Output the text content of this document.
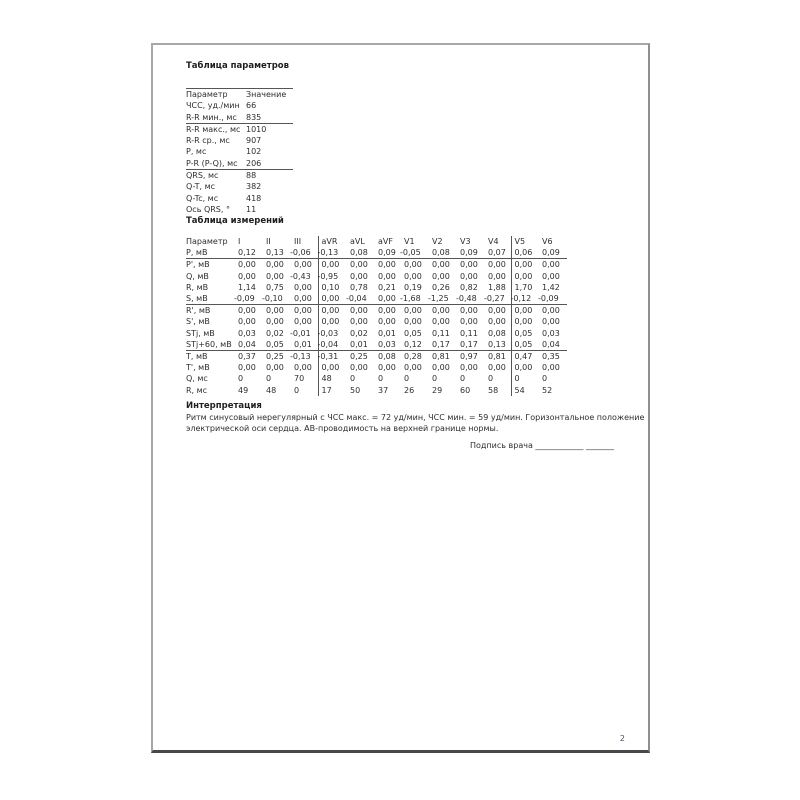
Таблица параметров
Параметр	Значение
ЧСС, уд./мин	66
R-R мин., мс	835
R-R макс., мс	1010
R-R ср., мс	907
P, мс	102
P-R (P-Q), мс	206
QRS, мс	88
Q-T, мс	382
Q-Tc, мс	418
Ось QRS, °	11
Таблица измерений
Параметр	I	II	III	aVR	aVL	aVF	V1	V2	V3	V4	V5	V6
P, мВ	0,12	0,13	-0,06	-0,13	0,08	0,09	-0,05	0,08	0,09	0,07	0,06	0,09
P', мВ	0,00	0,00	0,00	0,00	0,00	0,00	0,00	0,00	0,00	0,00	0,00	0,00
Q, мВ	0,00	0,00	-0,43	-0,95	0,00	0,00	0,00	0,00	0,00	0,00	0,00	0,00
R, мВ	1,14	0,75	0,00	0,10	0,78	0,21	0,19	0,26	0,82	1,88	1,70	1,42
S, мВ	-0,09	-0,10	0,00	0,00	-0,04	0,00	-1,68	-1,25	-0,48	-0,27	-0,12	-0,09
R', мВ	0,00	0,00	0,00	0,00	0,00	0,00	0,00	0,00	0,00	0,00	0,00	0,00
S', мВ	0,00	0,00	0,00	0,00	0,00	0,00	0,00	0,00	0,00	0,00	0,00	0,00
STj, мВ	0,03	0,02	-0,01	-0,03	0,02	0,01	0,05	0,11	0,11	0,08	0,05	0,03
STj+60, мВ	0,04	0,05	0,01	-0,04	0,01	0,03	0,12	0,17	0,17	0,13	0,05	0,04
T, мВ	0,37	0,25	-0,13	-0,31	0,25	0,08	0,28	0,81	0,97	0,81	0,47	0,35
T', мВ	0,00	0,00	0,00	0,00	0,00	0,00	0,00	0,00	0,00	0,00	0,00	0,00
Q, мс	0	0	70	48	0	0	0	0	0	0	0	0
R, мс	49	48	0	17	50	37	26	29	60	58	54	52
Интерпретация
Ритм синусовый нерегулярный с ЧСС макс. = 72 уд/мин, ЧСС мин. = 59 уд/мин. Горизонтальное положение
электрической оси сердца. АВ-проводимость на верхней границе нормы.
Подпись врача ____________ _______
2
